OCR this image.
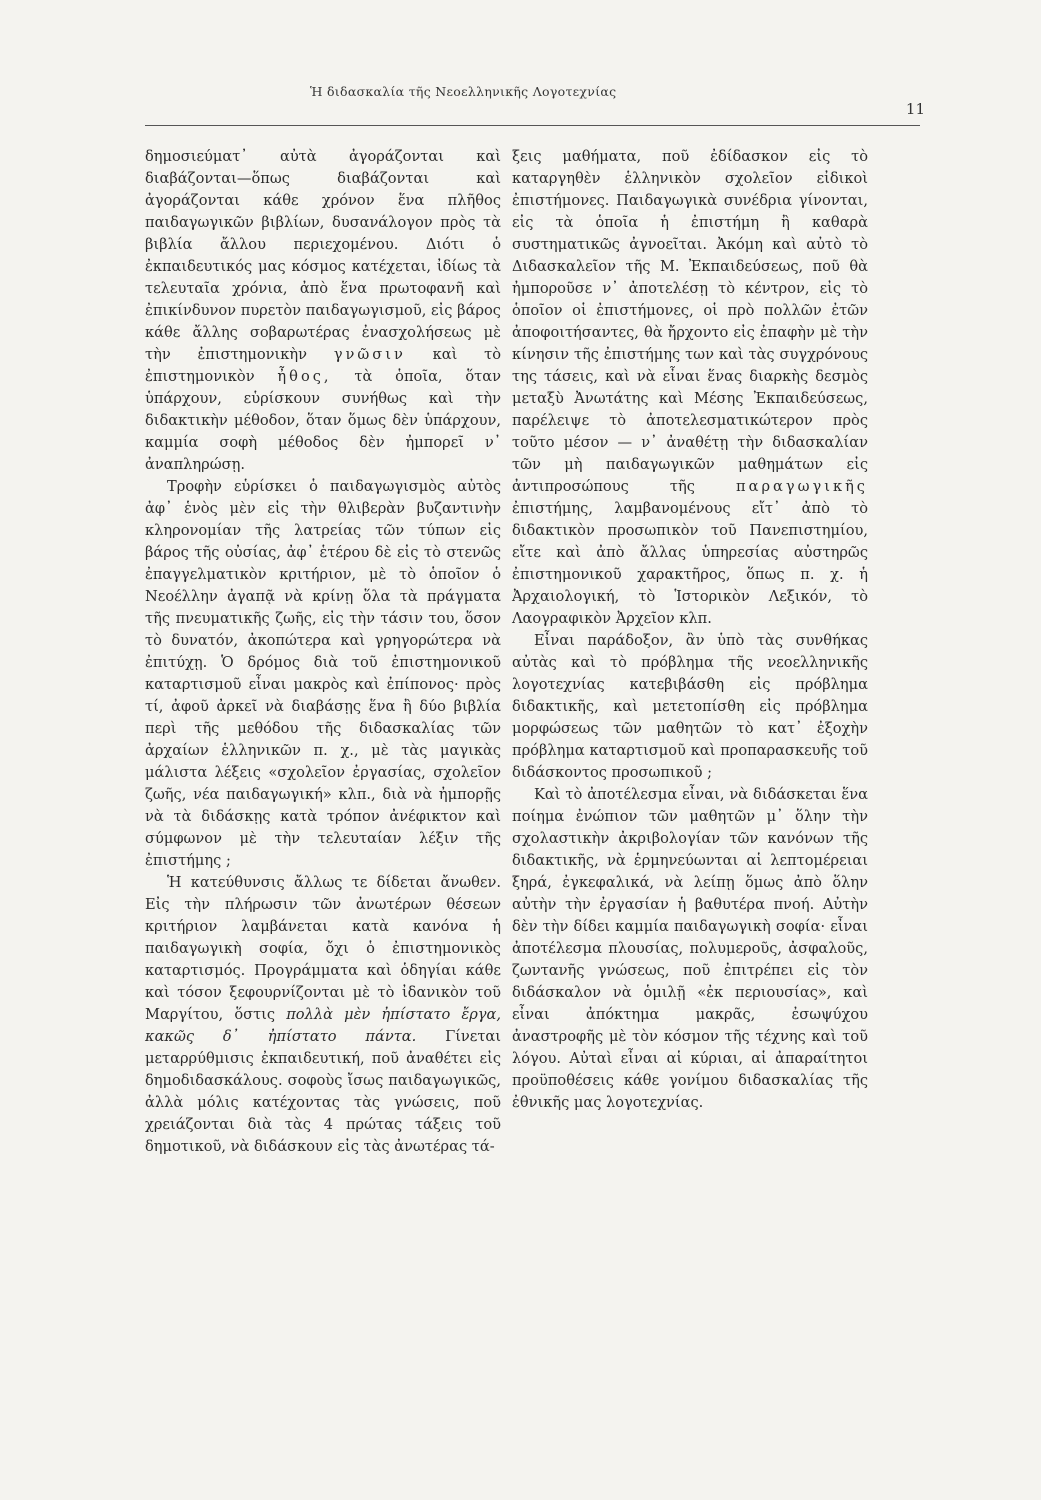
Ἡ διδασκαλία τῆς Νεοελληνικῆς Λογοτεχνίας
11

δημοσιεύματ᾿ αὐτὰ ἀγοράζονται καὶ διαβάζονται—ὅπως διαβάζονται καὶ ἀγοράζονται κάθε χρόνον ἕνα πλῆθος παιδαγωγικῶν βιβλίων, δυσανάλογον πρὸς τὰ βιβλία ἄλλου περιεχομένου. Διότι ὁ ἐκπαιδευτικός μας κόσμος κατέχεται, ἰδίως τὰ τελευταῖα χρόνια, ἀπὸ ἕνα πρωτοφανῆ καὶ ἐπικίνδυνον πυρετὸν παιδαγωγισμοῦ, εἰς βάρος κάθε ἄλλης σοβαρωτέρας ἐνασχολήσεως μὲ τὴν ἐπιστημονικὴν γνῶσιν καὶ τὸ ἐπιστημονικὸν ἦθος, τὰ ὁποῖα, ὅταν ὑπάρχουν, εὑρίσκουν συνήθως καὶ τὴν διδακτικὴν μέθοδον, ὅταν ὅμως δὲν ὑπάρχουν, καμμία σοφὴ μέθοδος δὲν ἠμπορεῖ ν᾿ ἀναπληρώσῃ.

Τροφὴν εὑρίσκει ὁ παιδαγωγισμὸς αὐτὸς ἀφ᾿ ἑνὸς μὲν εἰς τὴν θλιβερὰν βυζαντινὴν κληρονομίαν τῆς λατρείας τῶν τύπων εἰς βάρος τῆς οὐσίας, ἀφ᾿ ἑτέρου δὲ εἰς τὸ στενῶς ἐπαγγελματικὸν κριτήριον, μὲ τὸ ὁποῖον ὁ Νεοέλλην ἀγαπᾷ νὰ κρίνῃ ὅλα τὰ πράγματα τῆς πνευματικῆς ζωῆς, εἰς τὴν τάσιν του, ὅσον τὸ δυνατόν, ἀκοπώτερα καὶ γρηγορώτερα νὰ ἐπιτύχῃ. Ὁ δρόμος διὰ τοῦ ἐπιστημονικοῦ καταρτισμοῦ εἶναι μακρὸς καὶ ἐπίπονος· πρὸς τί, ἀφοῦ ἀρκεῖ νὰ διαβάσῃς ἕνα ἢ δύο βιβλία περὶ τῆς μεθόδου τῆς διδασκαλίας τῶν ἀρχαίων ἑλληνικῶν π. χ., μὲ τὰς μαγικὰς μάλιστα λέξεις «σχολεῖον ἐργασίας, σχολεῖον ζωῆς, νέα παιδαγωγική» κλπ., διὰ νὰ ἠμπορῇς νὰ τὰ διδάσκῃς κατὰ τρόπον ἀνέφικτον καὶ σύμφωνον μὲ τὴν τελευταίαν λέξιν τῆς ἐπιστήμης ;

Ἡ κατεύθυνσις ἄλλως τε δίδεται ἄνωθεν. Εἰς τὴν πλήρωσιν τῶν ἀνωτέρων θέσεων κριτήριον λαμβάνεται κατὰ κανόνα ἡ παιδαγωγικὴ σοφία, ὄχι ὁ ἐπιστημονικὸς καταρτισμός. Προγράμματα καὶ ὁδηγίαι κάθε καὶ τόσον ξεφουρνίζονται μὲ τὸ ἰδανικὸν τοῦ Μαργίτου, ὅστις πολλὰ μὲν ἠπίστατο ἔργα, κακῶς δ᾿ ἠπίστατο πάντα. Γίνεται μεταρρύθμισις ἐκπαιδευτική, ποῦ ἀναθέτει εἰς δημοδιδασκάλους. σοφοὺς ἴσως παιδαγωγικῶς, ἀλλὰ μόλις κατέχοντας τὰς γνώσεις, ποῦ χρειάζονται διὰ τὰς 4 πρώτας τάξεις τοῦ δημοτικοῦ, νὰ διδάσκουν εἰς τὰς ἀνωτέρας τά-

ξεις μαθήματα, ποῦ ἐδίδασκον εἰς τὸ καταργηθὲν ἑλληνικὸν σχολεῖον εἰδικοὶ ἐπιστήμονες. Παιδαγωγικὰ συνέδρια γίνονται, εἰς τὰ ὁποῖα ἡ ἐπιστήμη ἢ καθαρὰ συστηματικῶς ἀγνοεῖται. Ἀκόμη καὶ αὐτὸ τὸ Διδασκαλεῖον τῆς Μ. Ἐκπαιδεύσεως, ποῦ θὰ ἠμποροῦσε ν᾿ ἀποτελέσῃ τὸ κέντρον, εἰς τὸ ὁποῖον οἱ ἐπιστήμονες, οἱ πρὸ πολλῶν ἐτῶν ἀποφοιτήσαντες, θὰ ἤρχοντο εἰς ἐπαφὴν μὲ τὴν κίνησιν τῆς ἐπιστήμης των καὶ τὰς συγχρόνους της τάσεις, καὶ νὰ εἶναι ἕνας διαρκὴς δεσμὸς μεταξὺ Ἀνωτάτης καὶ Μέσης Ἐκπαιδεύσεως, παρέλειψε τὸ ἀποτελεσματικώτερον πρὸς τοῦτο μέσον — ν᾿ ἀναθέτῃ τὴν διδασκαλίαν τῶν μὴ παιδαγωγικῶν μαθημάτων εἰς ἀντιπροσώπους τῆς	παραγωγικῆς ἐπιστήμης, λαμβανομένους εἴτ᾿ ἀπὸ τὸ διδακτικὸν προσωπικὸν τοῦ Πανεπιστημίου, εἴτε καὶ ἀπὸ ἄλλας ὑπηρεσίας αὐστηρῶς ἐπιστημονικοῦ χαρακτῆρος, ὅπως π. χ. ἡ Ἀρχαιολογική, τὸ Ἱστορικὸν Λεξικόν, τὸ Λαογραφικὸν Ἀρχεῖον κλπ.

Εἶναι παράδοξον, ἂν ὑπὸ τὰς συνθήκας αὐτὰς καὶ τὸ πρόβλημα τῆς νεοελληνικῆς λογοτεχνίας κατεβιβάσθη εἰς πρόβλημα διδακτικῆς, καὶ μετετοπίσθη εἰς πρόβλημα μορφώσεως τῶν μαθητῶν τὸ κατ᾿ ἐξοχὴν πρόβλημα καταρτισμοῦ καὶ προπαρασκευῆς τοῦ διδάσκοντος προσωπικοῦ ;

Καὶ τὸ ἀποτέλεσμα εἶναι, νὰ διδάσκεται ἕνα ποίημα ἐνώπιον τῶν μαθητῶν μ᾿ ὅλην τὴν σχολαστικὴν ἀκριβολογίαν τῶν κανόνων τῆς διδακτικῆς, νὰ ἑρμηνεύωνται αἱ λεπτομέρειαι ξηρά, ἐγκεφαλικά, νὰ λείπῃ ὅμως ἀπὸ ὅλην αὐτὴν τὴν ἐργασίαν ἡ βαθυτέρα πνοή. Αὐτὴν δὲν τὴν δίδει καμμία παιδαγωγικὴ σοφία· εἶναι ἀποτέλεσμα πλουσίας, πολυμεροῦς, ἀσφαλοῦς, ζωντανῆς γνώσεως, ποῦ ἐπιτρέπει εἰς τὸν διδάσκαλον νὰ ὁμιλῇ «ἐκ περιουσίας», καὶ εἶναι ἀπόκτημα μακρᾶς, ἐσωψύχου ἀναστροφῆς μὲ τὸν κόσμον τῆς τέχνης καὶ τοῦ λόγου. Αὐταὶ εἶναι αἱ κύριαι, αἱ ἀπαραίτητοι προϋποθέσεις κάθε γονίμου διδασκαλίας τῆς ἐθνικῆς μας λογοτεχνίας.
